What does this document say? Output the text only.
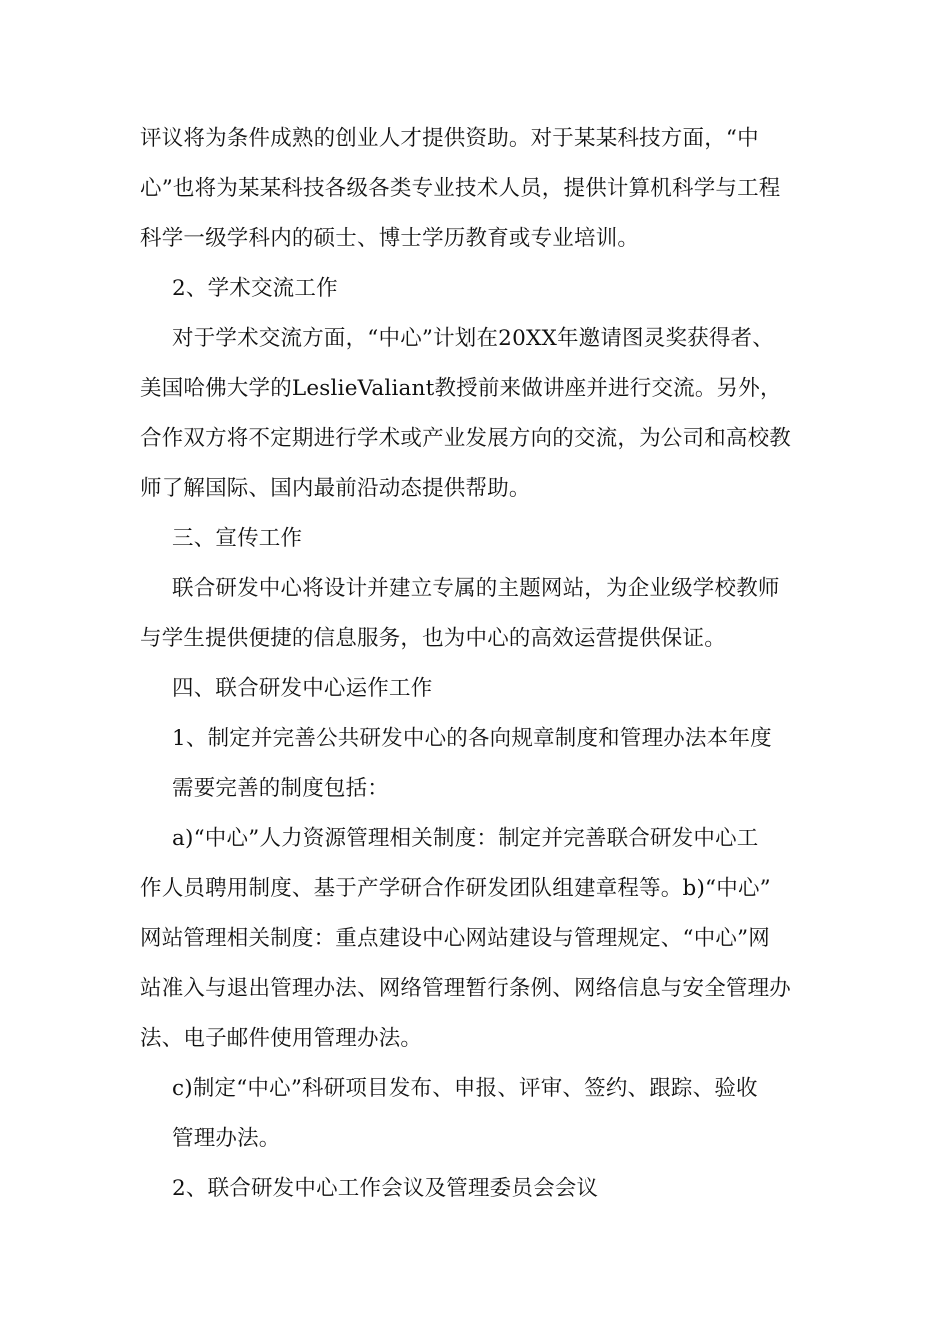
评议将为条件成熟的创业人才提供资助。对于某某科技方面，“中
心”也将为某某科技各级各类专业技术人员，提供计算机科学与工程
科学一级学科内的硕士、博士学历教育或专业培训。
2、学术交流工作
对于学术交流方面，“中心”计划在20XX年邀请图灵奖获得者、
美国哈佛大学的LeslieValiant教授前来做讲座并进行交流。另外，
合作双方将不定期进行学术或产业发展方向的交流，为公司和高校教
师了解国际、国内最前沿动态提供帮助。
三、宣传工作
联合研发中心将设计并建立专属的主题网站，为企业级学校教师
与学生提供便捷的信息服务，也为中心的高效运营提供保证。
四、联合研发中心运作工作
1、制定并完善公共研发中心的各向规章制度和管理办法本年度
需要完善的制度包括：
a)“中心”人力资源管理相关制度：制定并完善联合研发中心工
作人员聘用制度、基于产学研合作研发团队组建章程等。b)“中心”
网站管理相关制度：重点建设中心网站建设与管理规定、“中心”网
站准入与退出管理办法、网络管理暂行条例、网络信息与安全管理办
法、电子邮件使用管理办法。
c)制定“中心”科研项目发布、申报、评审、签约、跟踪、验收
管理办法。
2、联合研发中心工作会议及管理委员会会议
